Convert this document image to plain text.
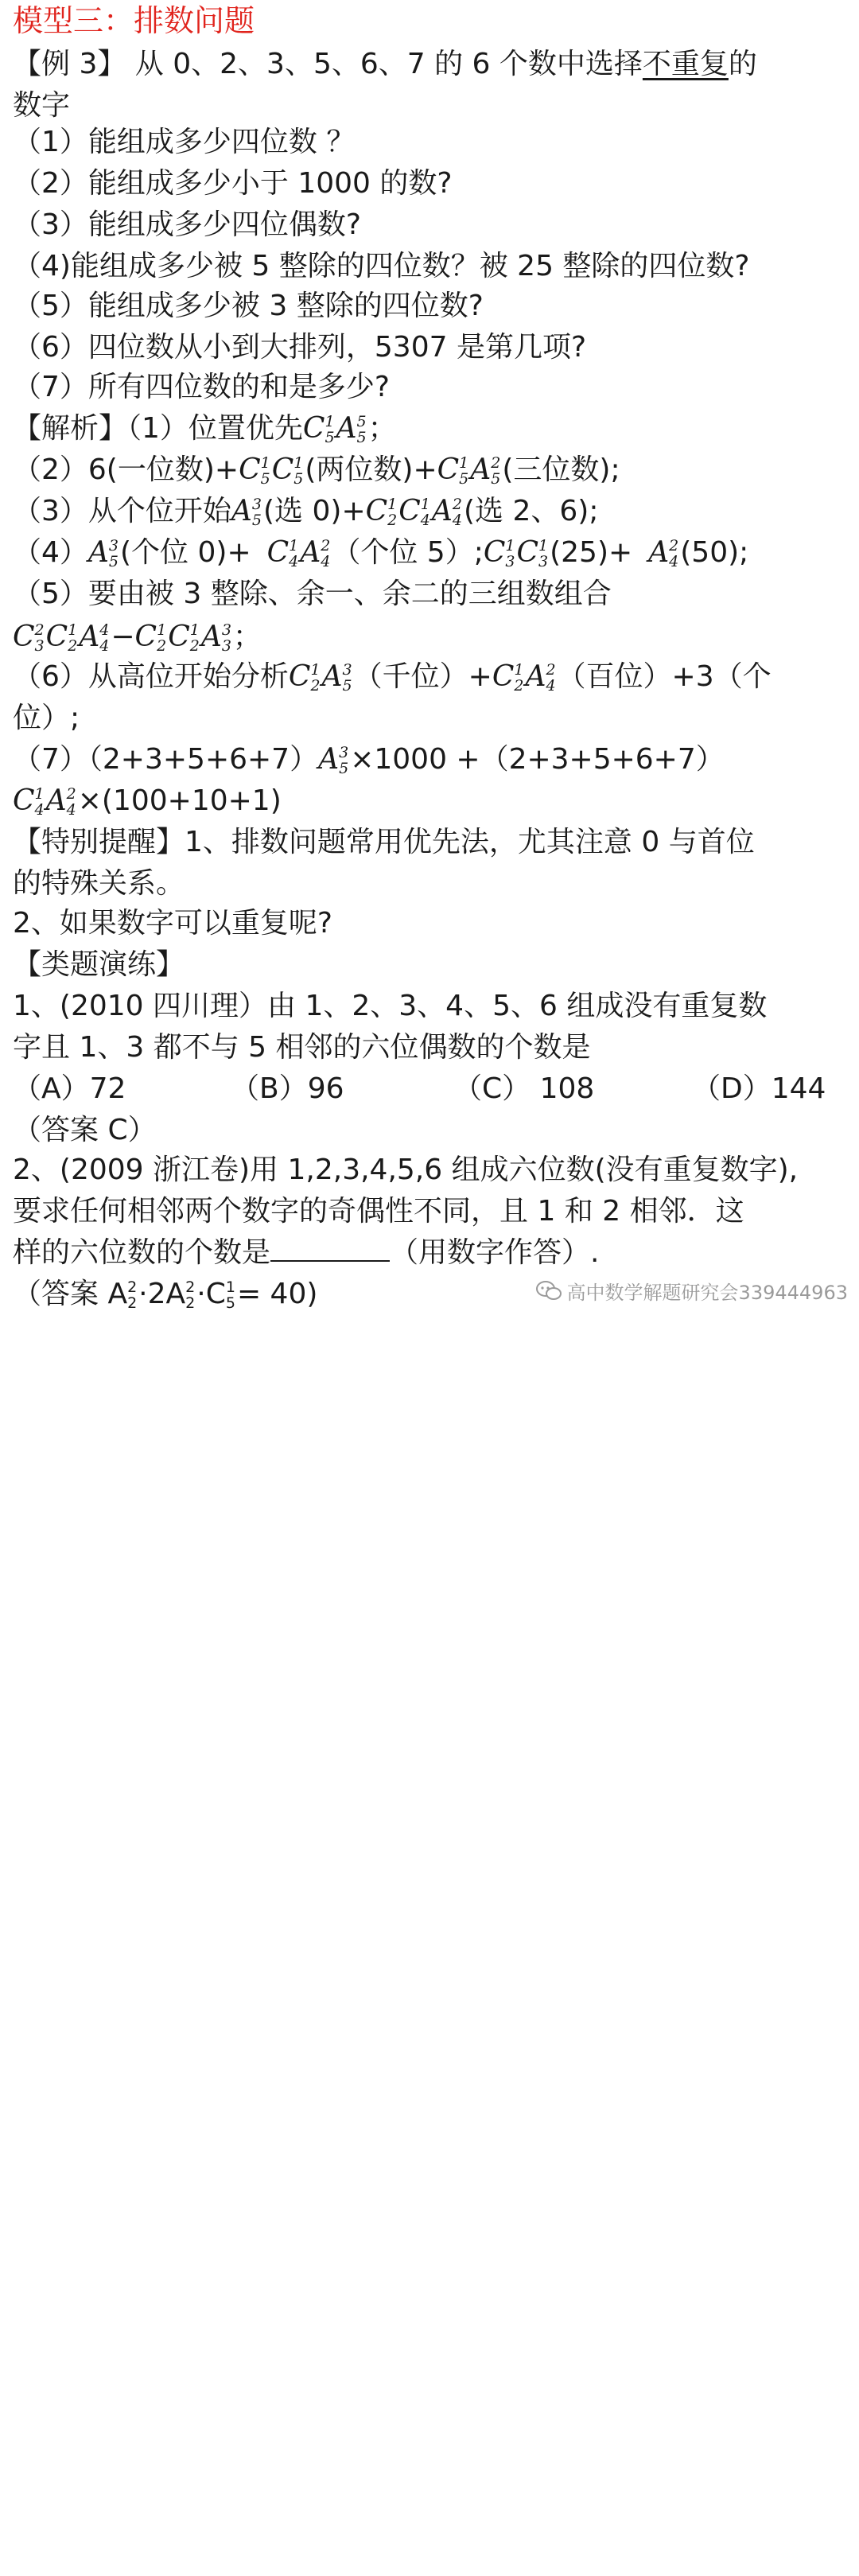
模型三：排数问题
【例 3】 从 0、2、3、5、6、7 的 6 个数中选择不重复的
数字
（1）能组成多少四位数 ？
（2）能组成多少小于 1000 的数?
（3）能组成多少四位偶数?
（4)能组成多少被 5 整除的四位数？被 25 整除的四位数?
（5）能组成多少被 3 整除的四位数?
（6）四位数从小到大排列，5307 是第几项?
（7）所有四位数的和是多少?
【解析】（1）位置优先C 1
5 A 5
5 ；
（2）6(一位数)+C 1
5 C 1
5 (两位数)+C 1
5 A 2
5 (三位数);
（3）从个位开始A 3
5 (选 0)+C 1
2 C 1
4 A 2
4 (选 2、6);
（4）A 3
5 (个位 0)+ C 1
4 A 2
4 （个位 5）;C 1
3 C 1
3 (25)+ A 2
4 (50);
（5）要由被 3 整除、余一、余二的三组数组合
C 2
3 C 1
2 A 4
4 −C 1
2 C 1
2 A 3
3 ；
（6）从高位开始分析C 1
2 A 3
5 （千位）+C 1
2 A 2
4 （百位）+3（个
位）;
（7）（2+3+5+6+7）A 3
5 ×1000 +（2+3+5+6+7）
C 1
4 A 2
4 ×(100+10+1)
【特别提醒】1、排数问题常用优先法，尤其注意 0 与首位
的特殊关系。
2、如果数字可以重复呢?
【类题演练】
1、(2010 四川理）由 1、2、3、4、5、6 组成没有重复数
字且 1、3 都不与 5 相邻的六位偶数的个数是
（A）72	（B）96	（C） 108	（D）144
（答案 C）
2、(2009 浙江卷)用 1,2,3,4,5,6 组成六位数(没有重复数字),
要求任何相邻两个数字的奇偶性不同，且 1 和 2 相邻．这
样的六位数的个数是	（用数字作答）.
（答案 A 2
2 ·2A 2
2 ·C 1
5 = 40)	高中数学解题研究会339444963
